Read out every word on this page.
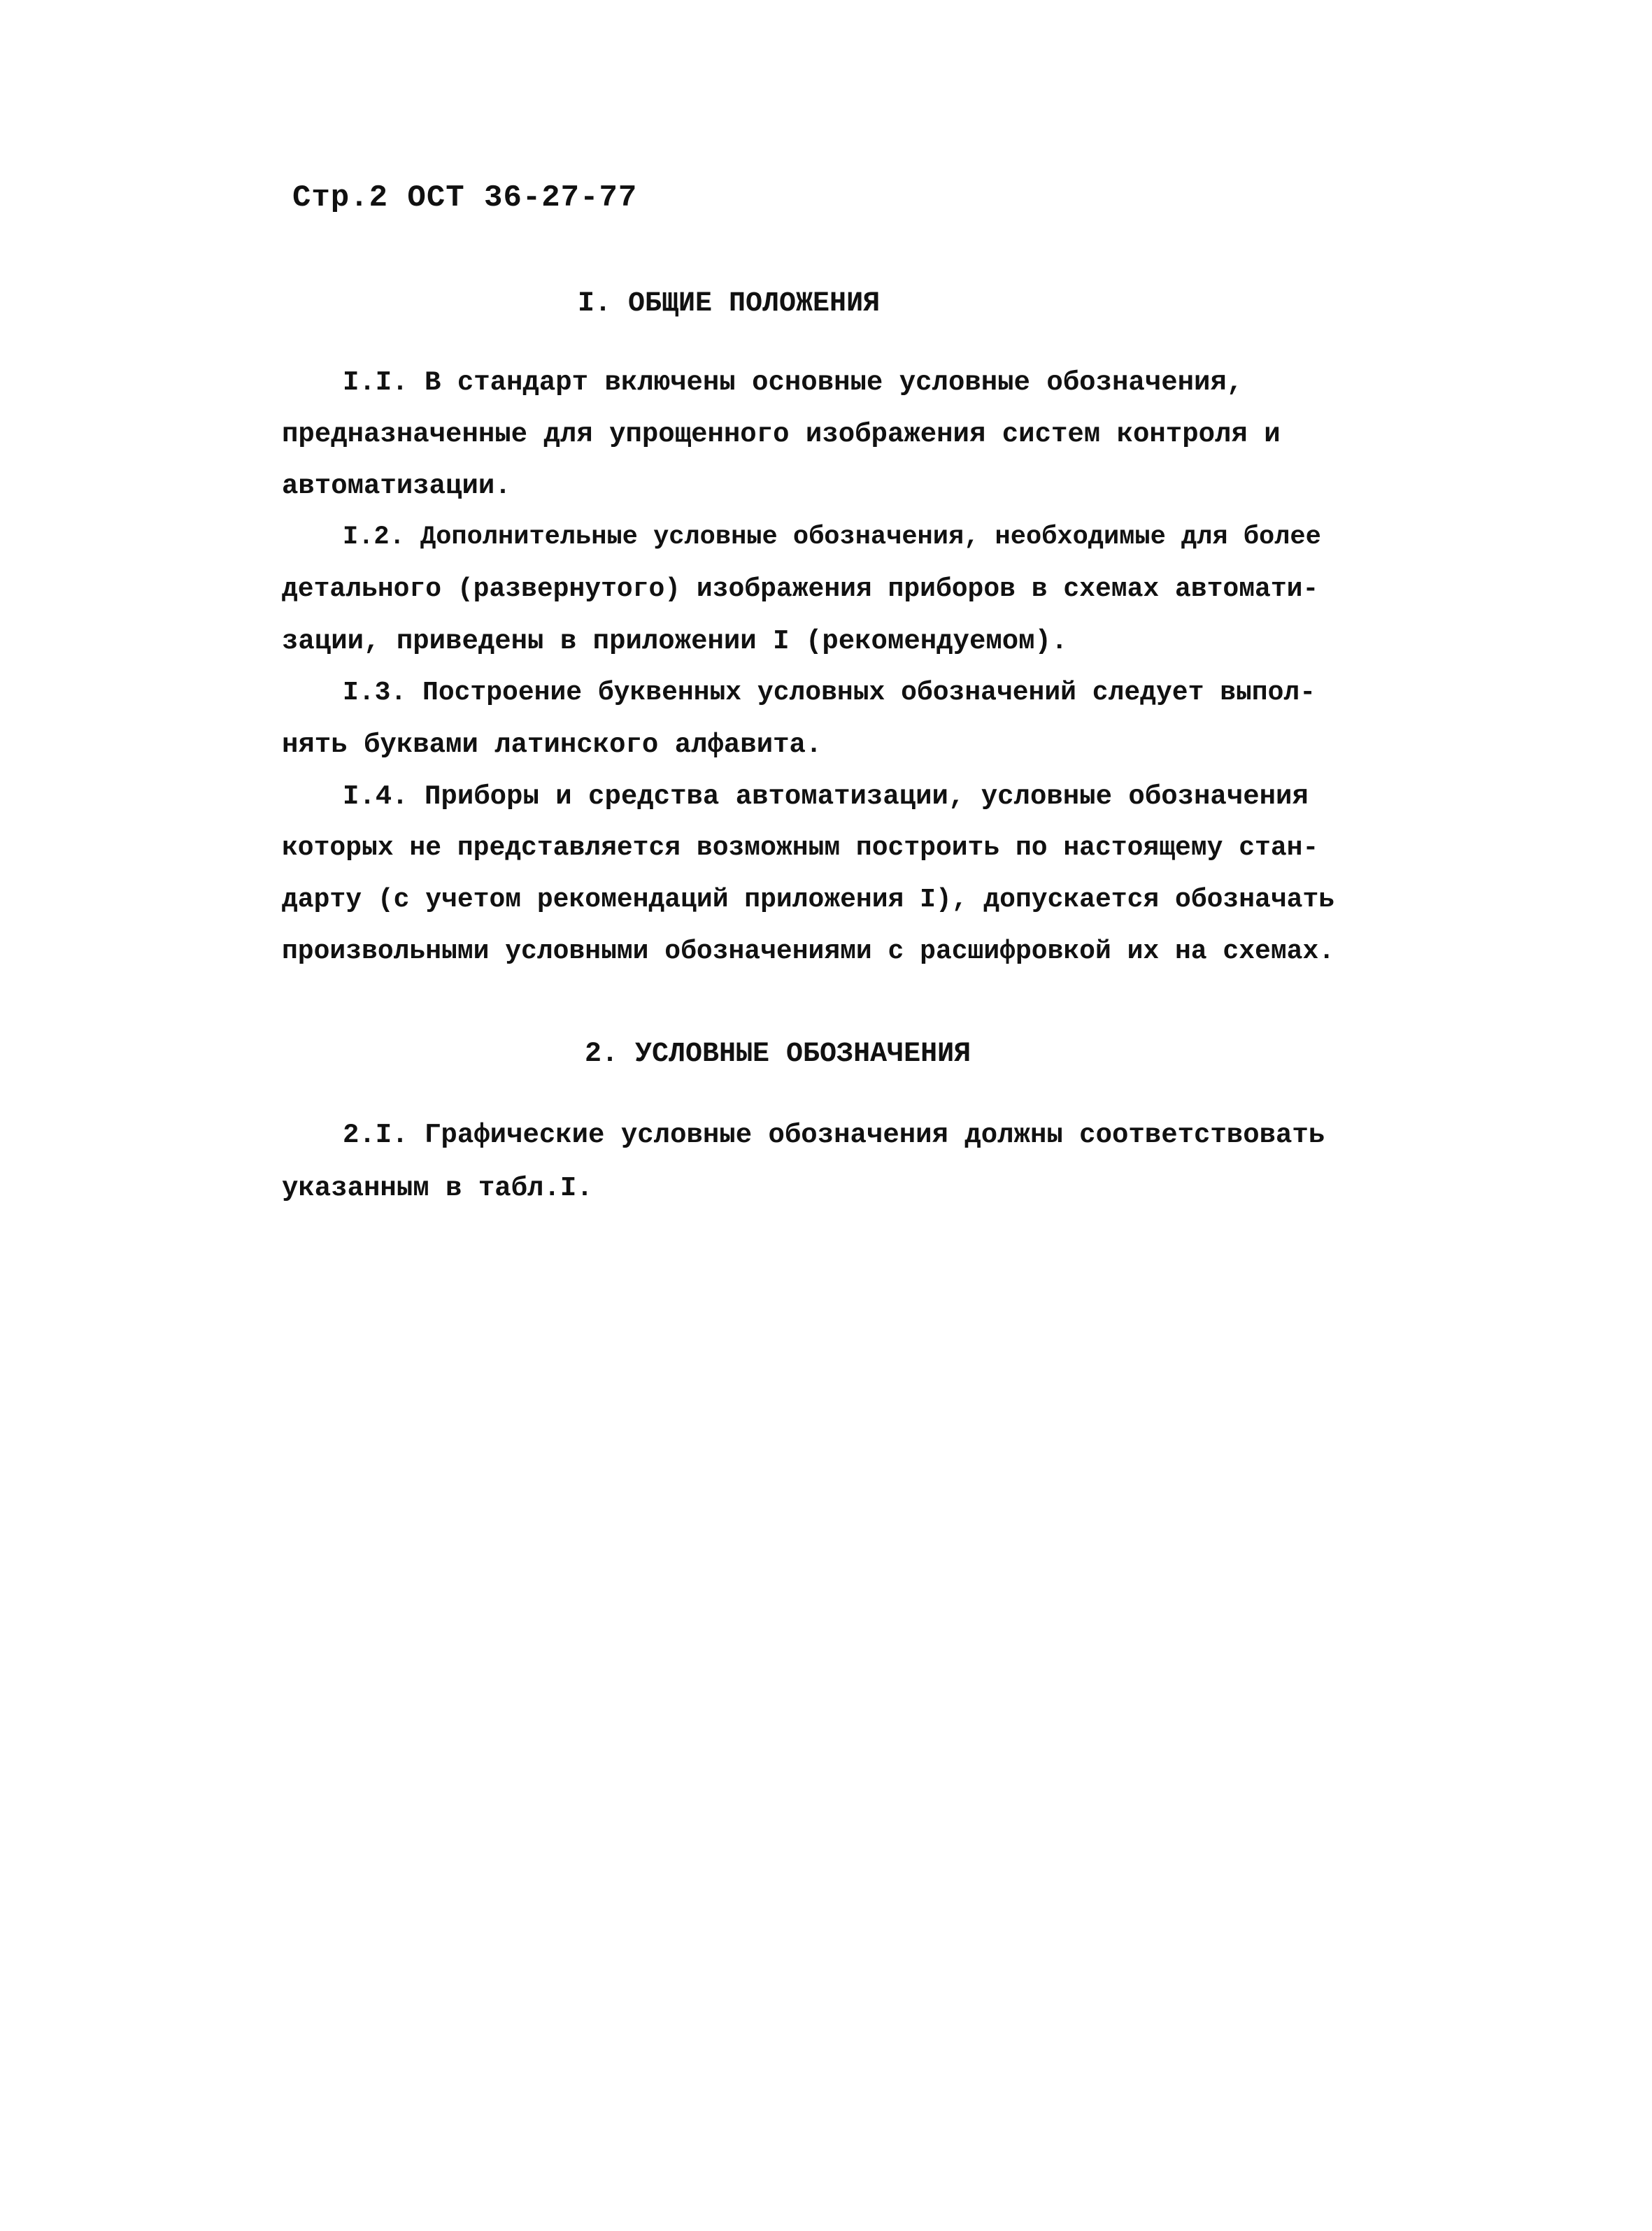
Стр.2 ОСТ 36-27-77
I. ОБЩИЕ ПОЛОЖЕНИЯ
I.I. В стандарт включены основные условные обозначения,
предназначенные для упрощенного изображения систем контроля и
автоматизации.
I.2. Дополнительные условные обозначения, необходимые для более
детального (развернутого) изображения приборов в схемах автомати-
зации, приведены в приложении I (рекомендуемом).
I.3. Построение буквенных условных обозначений следует выпол-
нять буквами латинского алфавита.
I.4. Приборы и средства автоматизации, условные обозначения
которых не представляется возможным построить по настоящему стан-
дарту (с учетом рекомендаций приложения I), допускается обозначать
произвольными условными обозначениями с расшифровкой их на схемах.
2. УСЛОВНЫЕ ОБОЗНАЧЕНИЯ
2.I. Графические условные обозначения должны соответствовать
указанным в табл.I.
